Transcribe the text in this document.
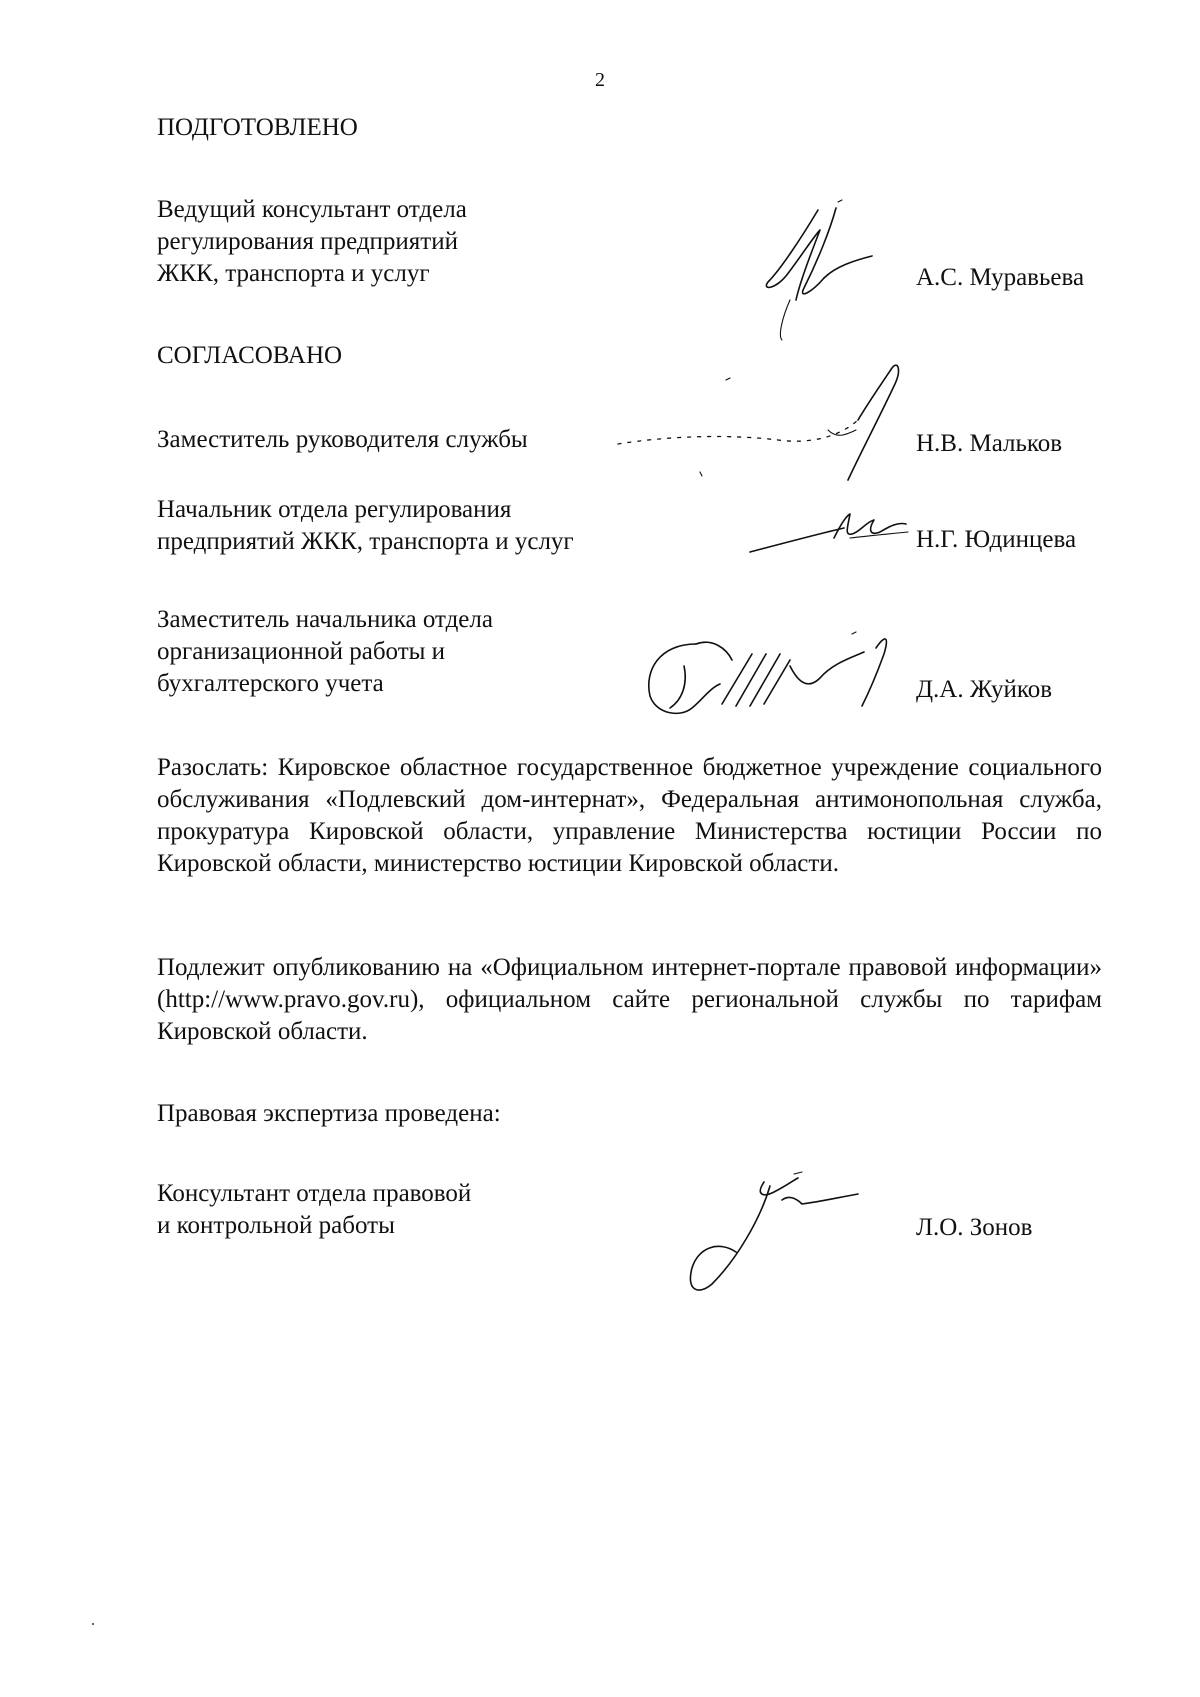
2
ПОДГОТОВЛЕНО
Ведущий консультант отдела
регулирования предприятий
ЖКК, транспорта и услуг	А.С. Муравьева
СОГЛАСОВАНО
Заместитель руководителя службы	Н.В. Мальков
Начальник отдела регулирования
предприятий ЖКК, транспорта и услуг	Н.Г. Юдинцева
Заместитель начальника отдела
организационной работы и
бухгалтерского учета	Д.А. Жуйков
Разослать: Кировское областное государственное бюджетное учреждение социального обслуживания «Подлевский дом-интернат», Федеральная антимонопольная служба, прокуратура Кировской области, управление Министерства юстиции России по Кировской области, министерство юстиции Кировской области.
Подлежит опубликованию на «Официальном интернет-портале правовой информации» (http://www.pravo.gov.ru), официальном сайте региональной службы по тарифам Кировской области.
Правовая экспертиза проведена:
Консультант отдела правовой
и контрольной работы	Л.О. Зонов
